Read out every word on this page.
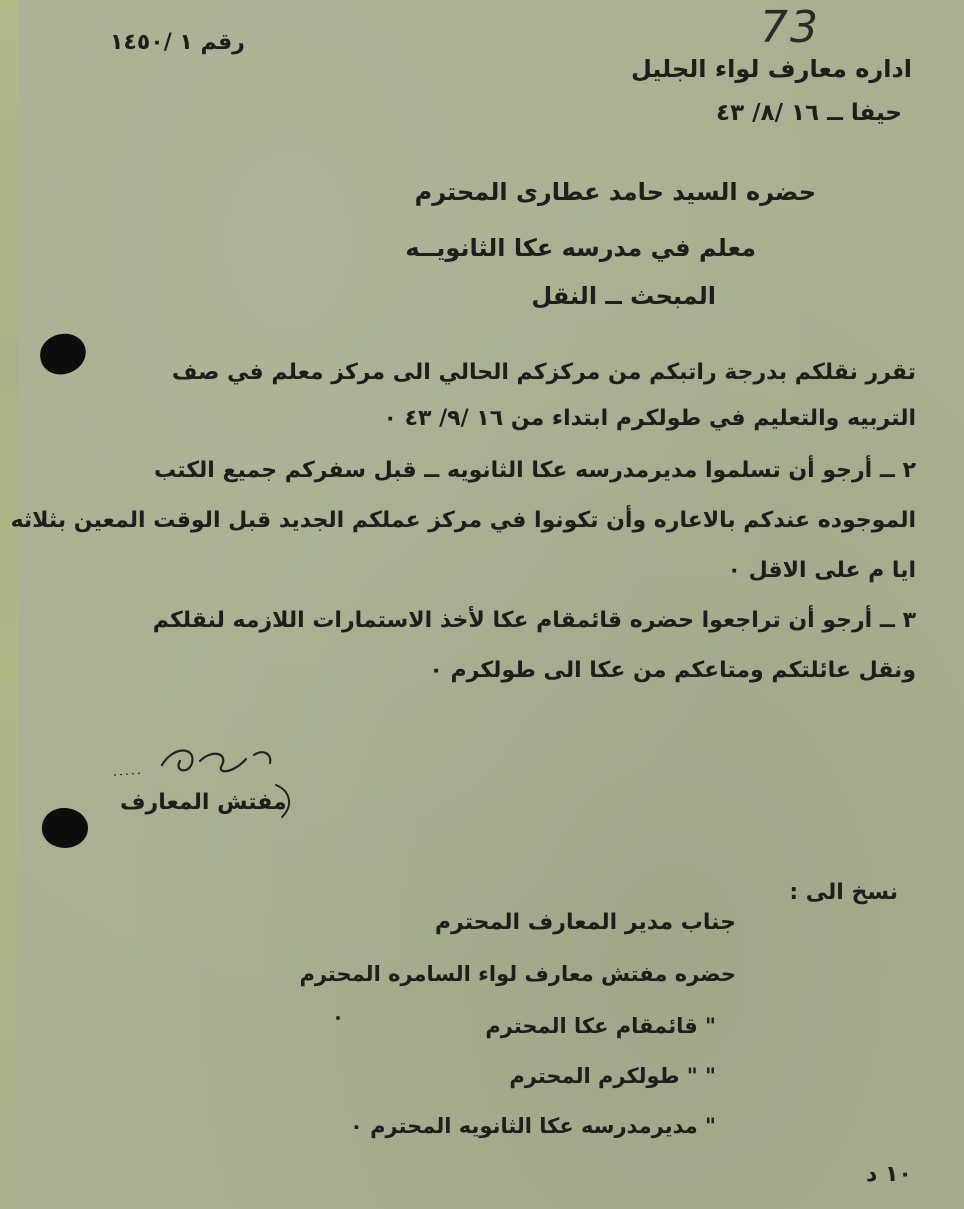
73
رقم ١ /١٤٥٠
اداره معارف لواء الجليل
حيفا ــ ١٦ /٨/ ٤٣
حضره السيد حامد عطارى المحترم
معلم في مدرسه عكا الثانويــه
المبحث ــ النقل
تقرر نقلكم بدرجة راتبكم من مركزكم الحالي الى مركز معلم في صف
التربيه والتعليم في طولكرم ابتداء من ١٦ /٩/ ٤٣ ٠
٢ ــ أرجو أن تسلموا مديرمدرسه عكا الثانويه ــ قبل سفركم جميع الكتب
الموجوده عندكم بالاعاره وأن تكونوا في مركز عملكم الجديد قبل الوقت المعين بثلاثه
ايا م على الاقل ٠
٣ ــ أرجو أن تراجعوا حضره قائمقام عكا لأخذ الاستمارات اللازمه لنقلكم
ونقل عائلتكم ومتاعكم من عكا الى طولكرم ٠
مفتش المعارف
نسخ الى :
جناب مدير المعارف المحترم
حضره مفتش معارف لواء السامره المحترم
" قائمقام عكا المحترم
" " طولكرم المحترم
" مديرمدرسه عكا الثانويه المحترم ٠
١٠ د
